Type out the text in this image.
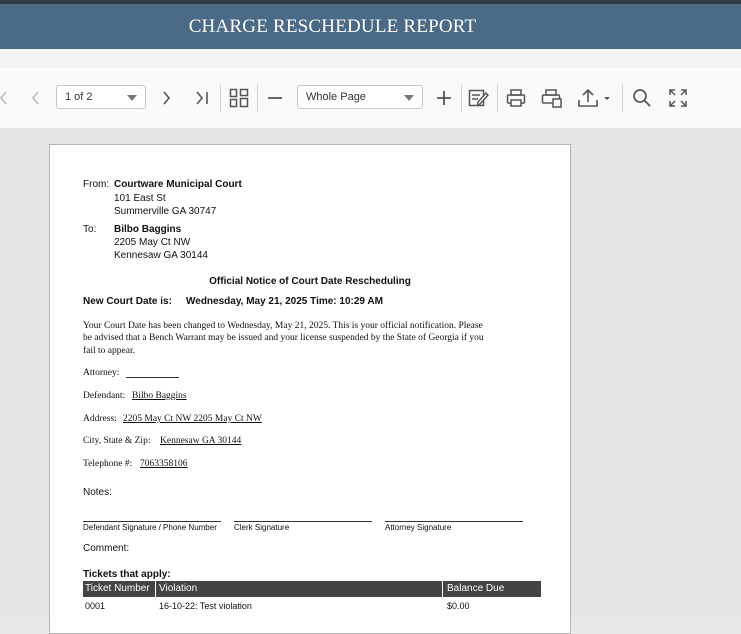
CHARGE RESCHEDULE REPORT
1 of 2	Whole Page
From: Courtware Municipal Court
101 East St
Summerville GA 30747
To: Bilbo Baggins
2205 May Ct NW
Kennesaw GA 30144
Official Notice of Court Date Rescheduling
New Court Date is: Wednesday, May 21, 2025 Time: 10:29 AM
Your Court Date has been changed to Wednesday, May 21, 2025. This is your official notification. Please
be advised that a Bench Warrant may be issued and your license suspended by the State of Georgia if you
fail to appear.
Attorney:
Defendant: Bilbo Baggins
Address: 2205 May Ct NW 2205 May Ct NW
City, State & Zip: Kennesaw GA 30144
Telephone #: 7063358106
Notes:
Defendant Signature / Phone Number Clerk Signature	Attorney Signature
Comment:
Tickets that apply:
Ticket Number Violation	Balance Due
0001	16-10-22: Test violation	$0.00
